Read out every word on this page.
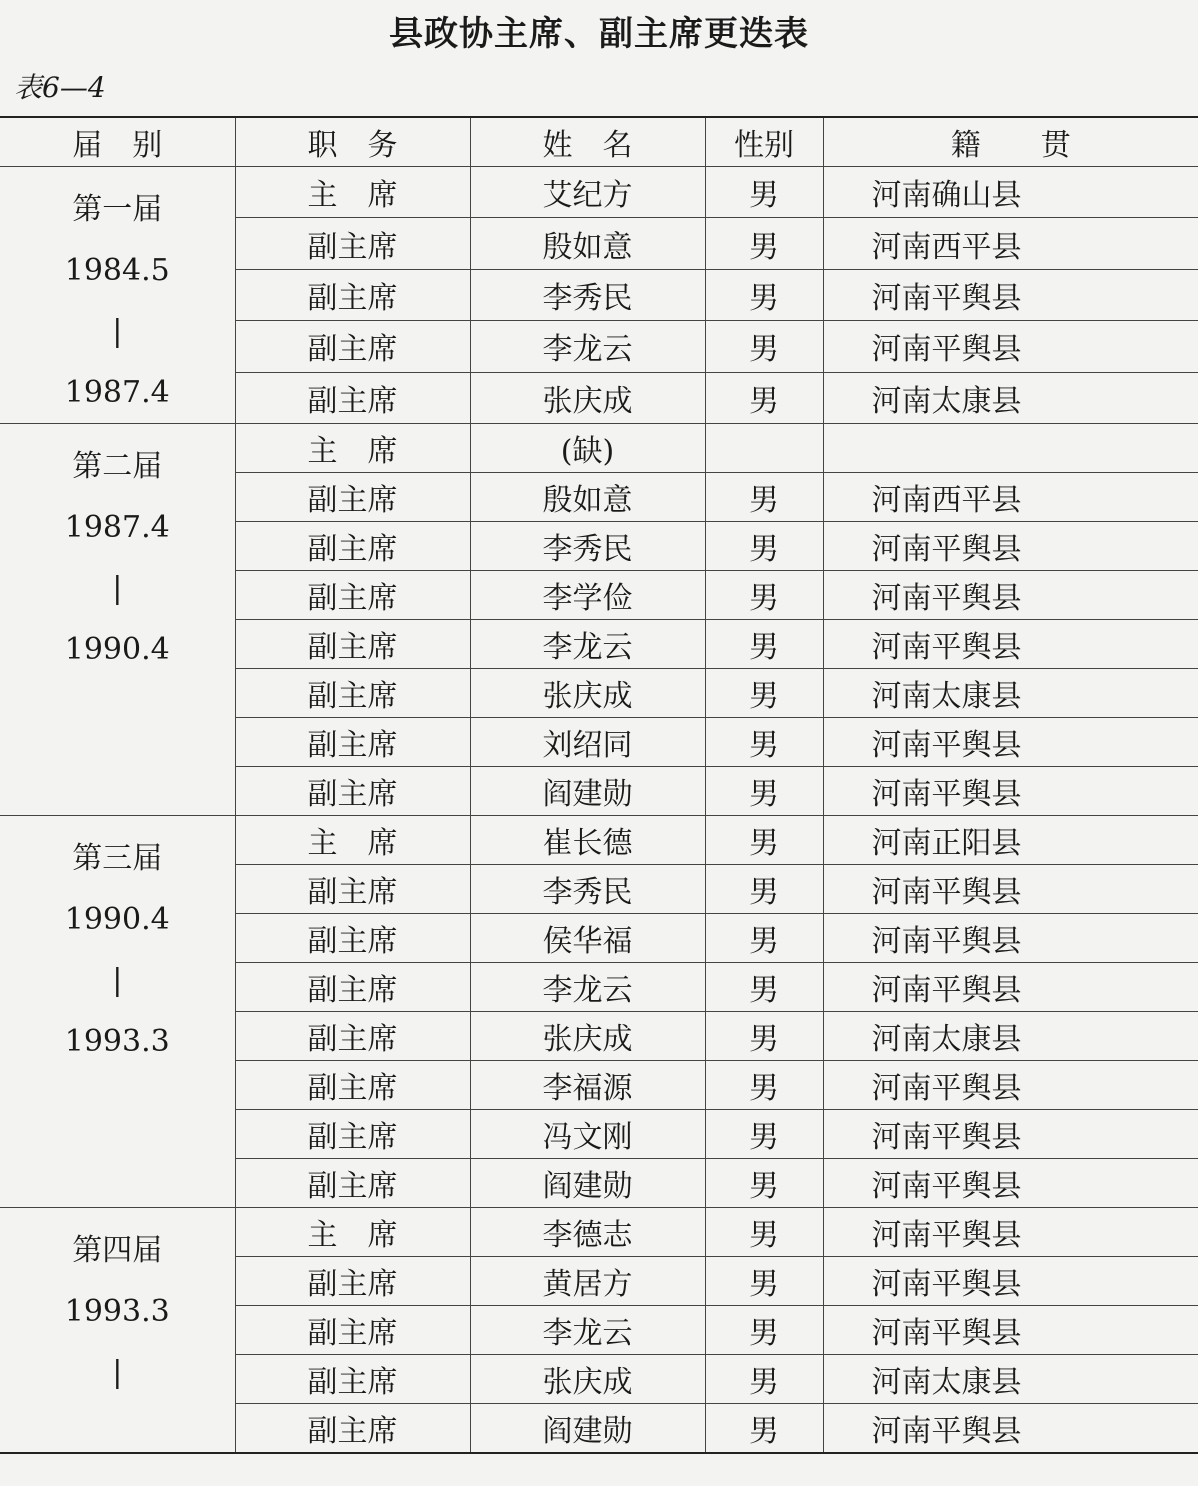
县政协主席、副主席更迭表
表6—4
届　别	职　务	姓　名	性别	籍　　贯

第一届
1984.5
|
1987.4	主　席	艾纪方	男	河南确山县
	副主席	殷如意	男	河南西平县
	副主席	李秀民	男	河南平舆县
	副主席	李龙云	男	河南平舆县
	副主席	张庆成	男	河南太康县

第二届
1987.4
|
1990.4	主　席	(缺)		
	副主席	殷如意	男	河南西平县
	副主席	李秀民	男	河南平舆县
	副主席	李学俭	男	河南平舆县
	副主席	李龙云	男	河南平舆县
	副主席	张庆成	男	河南太康县
	副主席	刘绍同	男	河南平舆县
	副主席	阎建勋	男	河南平舆县

第三届
1990.4
|
1993.3	主　席	崔长德	男	河南正阳县
	副主席	李秀民	男	河南平舆县
	副主席	侯华福	男	河南平舆县
	副主席	李龙云	男	河南平舆县
	副主席	张庆成	男	河南太康县
	副主席	李福源	男	河南平舆县
	副主席	冯文刚	男	河南平舆县
	副主席	阎建勋	男	河南平舆县

第四届
1993.3
|	主　席	李德志	男	河南平舆县
	副主席	黄居方	男	河南平舆县
	副主席	李龙云	男	河南平舆县
	副主席	张庆成	男	河南太康县
	副主席	阎建勋	男	河南平舆县
